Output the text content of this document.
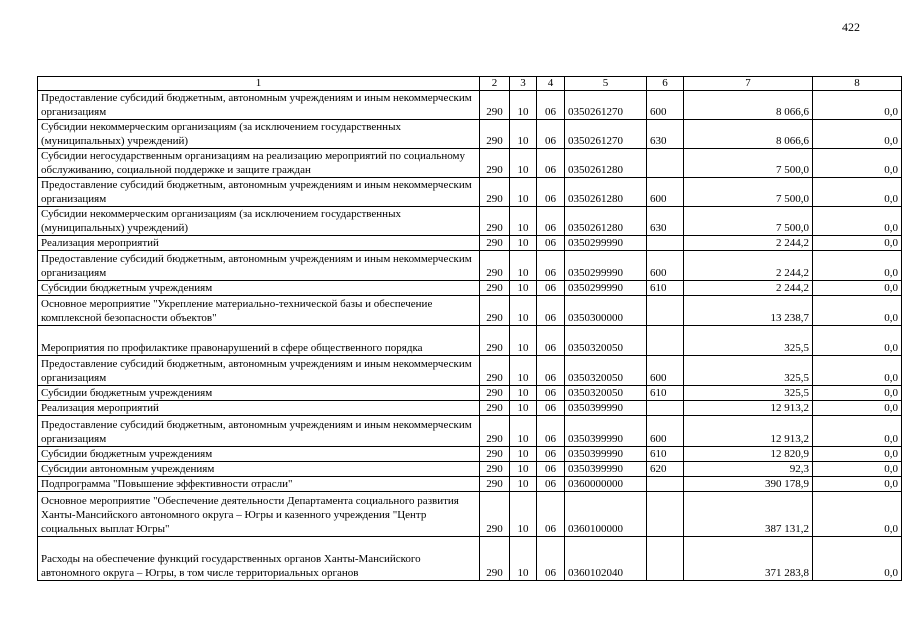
422
1	2	3	4	5	6	7	8
Предоставление субсидий бюджетным, автономным учреждениям и иным некоммерческим организациям	290	10	06	0350261270	600	8 066,6	0,0
Субсидии некоммерческим организациям (за исключением государственных (муниципальных) учреждений)	290	10	06	0350261270	630	8 066,6	0,0
Субсидии негосударственным организациям на реализацию мероприятий по социальному обслуживанию, социальной поддержке и защите граждан	290	10	06	0350261280		7 500,0	0,0
Предоставление субсидий бюджетным, автономным учреждениям и иным некоммерческим организациям	290	10	06	0350261280	600	7 500,0	0,0
Субсидии некоммерческим организациям (за исключением государственных (муниципальных) учреждений)	290	10	06	0350261280	630	7 500,0	0,0
Реализация мероприятий	290	10	06	0350299990		2 244,2	0,0
Предоставление субсидий бюджетным, автономным учреждениям и иным некоммерческим организациям	290	10	06	0350299990	600	2 244,2	0,0
Субсидии бюджетным учреждениям	290	10	06	0350299990	610	2 244,2	0,0
Основное мероприятие "Укрепление материально-технической базы и обеспечение комплексной безопасности объектов"	290	10	06	0350300000		13 238,7	0,0
Мероприятия по профилактике правонарушений в сфере общественного порядка	290	10	06	0350320050		325,5	0,0
Предоставление субсидий бюджетным, автономным учреждениям и иным некоммерческим организациям	290	10	06	0350320050	600	325,5	0,0
Субсидии бюджетным учреждениям	290	10	06	0350320050	610	325,5	0,0
Реализация мероприятий	290	10	06	0350399990		12 913,2	0,0
Предоставление субсидий бюджетным, автономным учреждениям и иным некоммерческим организациям	290	10	06	0350399990	600	12 913,2	0,0
Субсидии бюджетным учреждениям	290	10	06	0350399990	610	12 820,9	0,0
Субсидии автономным учреждениям	290	10	06	0350399990	620	92,3	0,0
Подпрограмма "Повышение эффективности отрасли"	290	10	06	0360000000		390 178,9	0,0
Основное мероприятие "Обеспечение деятельности Департамента социального развития Ханты-Мансийского автономного округа – Югры и казенного учреждения "Центр социальных выплат Югры"	290	10	06	0360100000		387 131,2	0,0
Расходы на обеспечение функций государственных органов Ханты-Мансийского автономного округа – Югры, в том числе территориальных органов	290	10	06	0360102040		371 283,8	0,0
